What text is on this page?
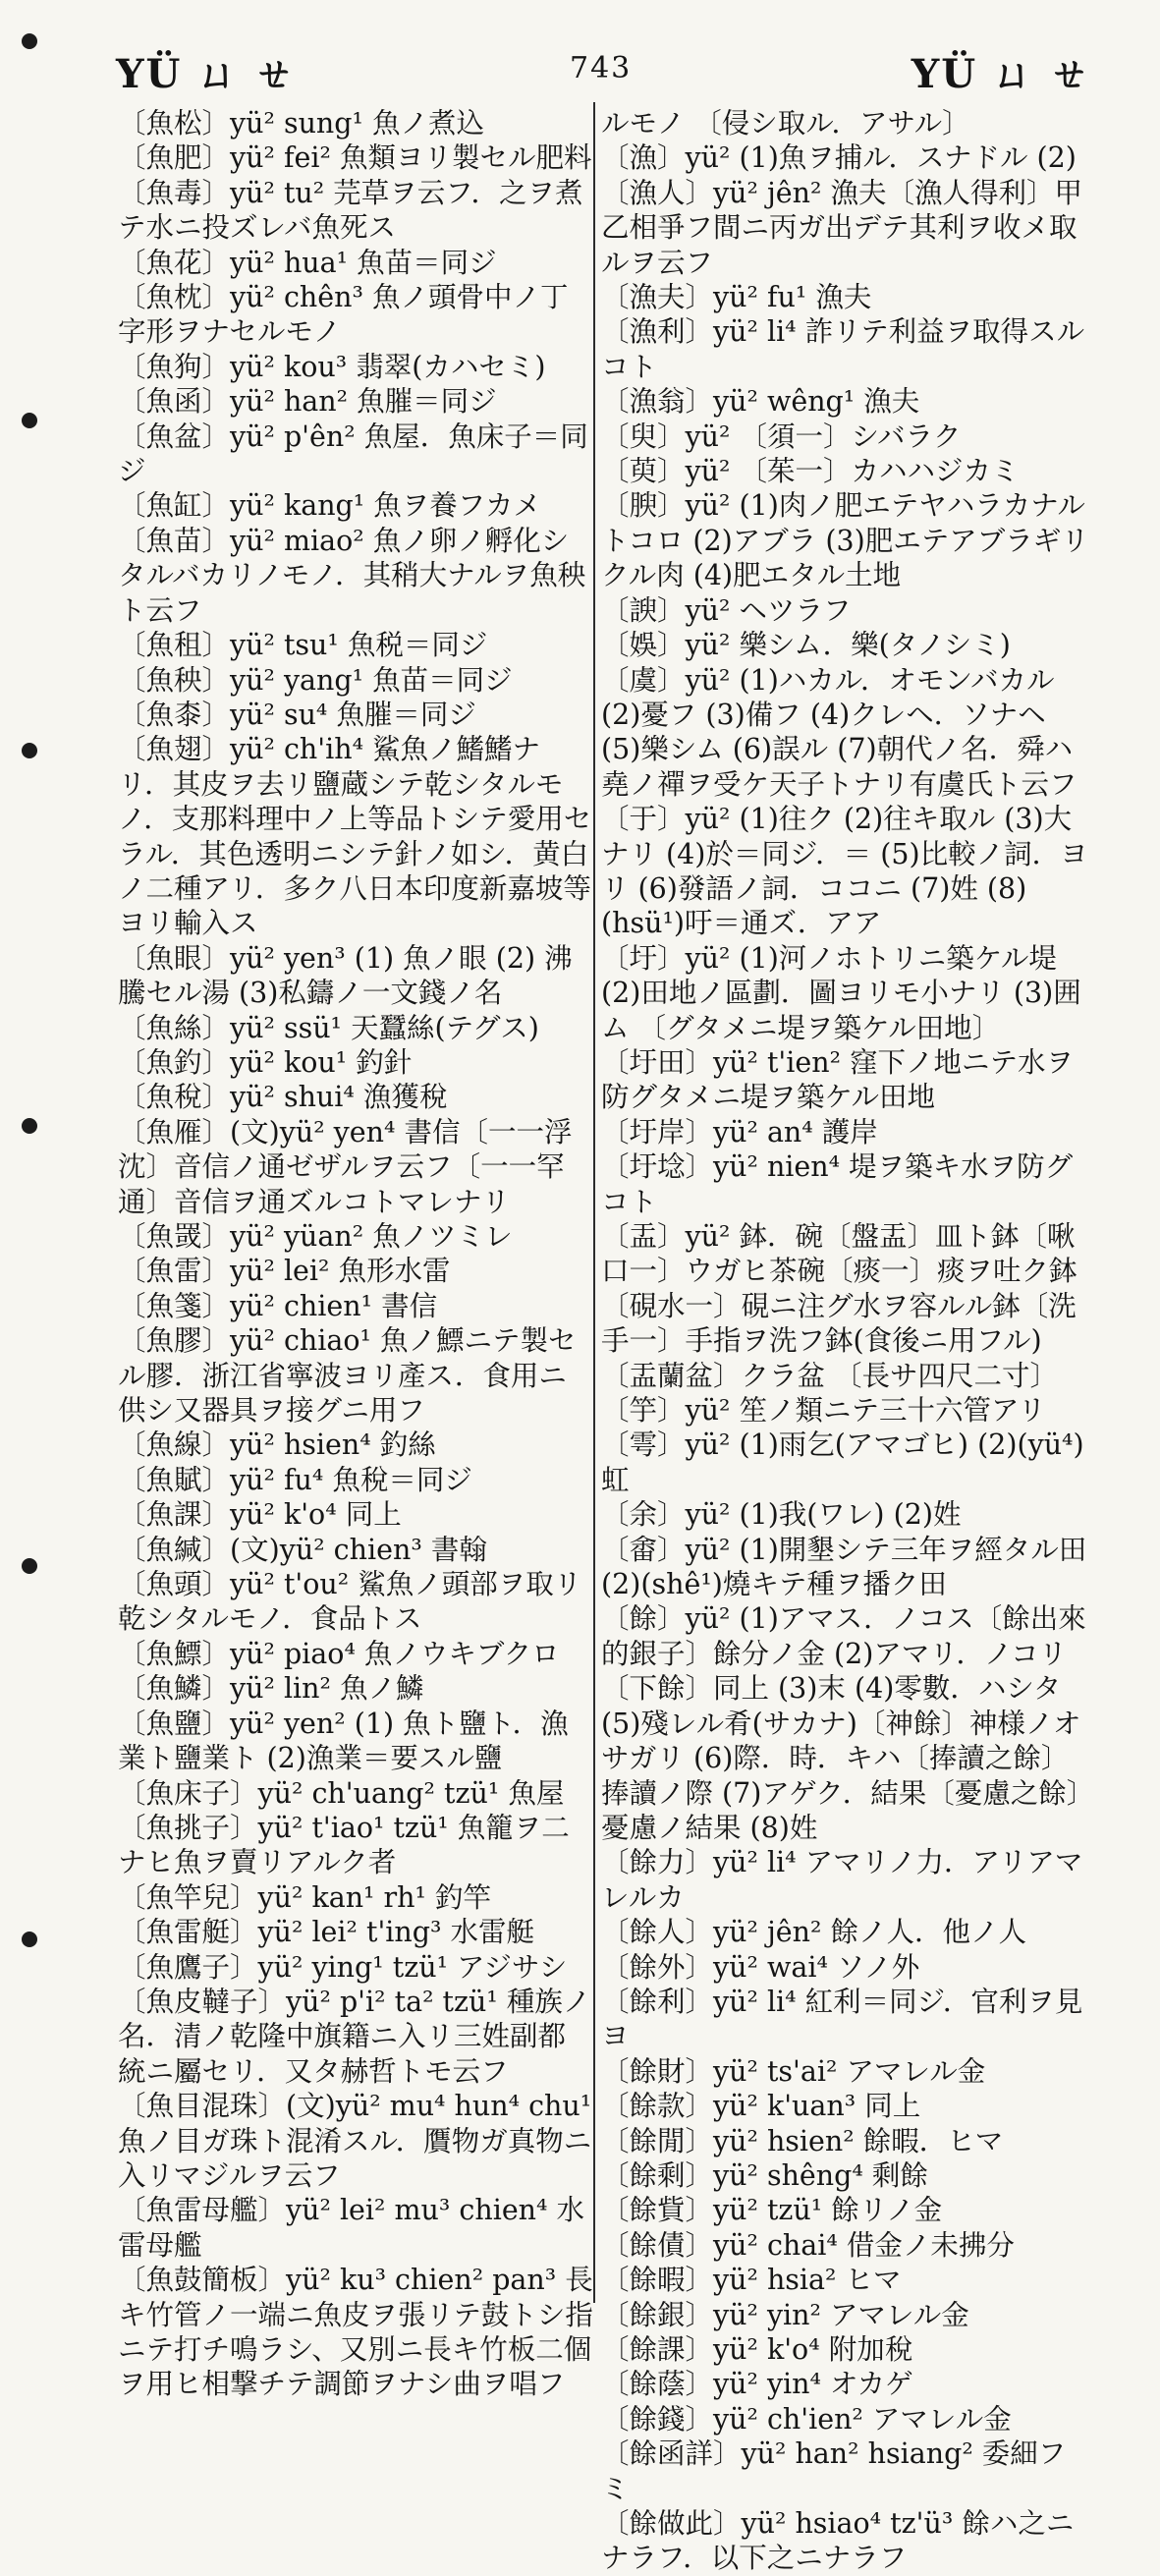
YÜ ㄩ ㄝ	743	YÜ ㄩ ㄝ
〔魚松〕yü² sung¹ 魚ノ煮込
〔魚肥〕yü² fei² 魚類ヨリ製セル肥料
〔魚毒〕yü² tu² 芫草ヲ云フ．之ヲ煮テ水ニ投ズレバ魚死ス
〔魚花〕yü² hua¹ 魚苗＝同ジ
〔魚枕〕yü² chên³ 魚ノ頭骨中ノ丁字形ヲナセルモノ
〔魚狗〕yü² kou³ 翡翠(カハセミ)
〔魚函〕yü² han² 魚膗＝同ジ
〔魚盆〕yü² p'ên² 魚屋．魚床子＝同ジ
〔魚缸〕yü² kang¹ 魚ヲ養フカメ
〔魚苗〕yü² miao² 魚ノ卵ノ孵化シタルバカリノモノ．其稍大ナルヲ魚秧ト云フ
〔魚租〕yü² tsu¹ 魚税＝同ジ
〔魚秧〕yü² yang¹ 魚苗＝同ジ
〔魚桼〕yü² su⁴ 魚膗＝同ジ
〔魚翅〕yü² ch'ih⁴ 鯊魚ノ鰭鰭ナリ．其皮ヲ去リ鹽蔵シテ乾シタルモノ．支那料理中ノ上等品トシテ愛用セラル．其色透明ニシテ針ノ如シ．黄白ノ二種アリ．多ク八日本印度新嘉坡等ヨリ輸入ス
〔魚眼〕yü² yen³ (1) 魚ノ眼 (2) 沸騰セル湯 (3)私鑄ノ一文錢ノ名
〔魚絲〕yü² ssü¹ 天蠶絲(テグス)
〔魚釣〕yü² kou¹ 釣針
〔魚稅〕yü² shui⁴ 漁獲稅
〔魚雁〕(文)yü² yen⁴ 書信〔一一浮沈〕音信ノ通ゼザルヲ云フ〔一一罕通〕音信ヲ通ズルコトマレナリ
〔魚罭〕yü² yüan² 魚ノツミレ
〔魚雷〕yü² lei² 魚形水雷
〔魚箋〕yü² chien¹ 書信
〔魚膠〕yü² chiao¹ 魚ノ鰾ニテ製セル膠．浙江省寧波ヨリ產ス．食用ニ供シ又器具ヲ接グニ用フ
〔魚線〕yü² hsien⁴ 釣絲
〔魚賦〕yü² fu⁴ 魚稅＝同ジ
〔魚課〕yü² k'o⁴ 同上
〔魚緘〕(文)yü² chien³ 書翰
〔魚頭〕yü² t'ou² 鯊魚ノ頭部ヲ取リ乾シタルモノ．食品トス
〔魚鰾〕yü² piao⁴ 魚ノウキブクロ
〔魚鱗〕yü² lin² 魚ノ鱗
〔魚鹽〕yü² yen² (1) 魚ト鹽ト．漁業ト鹽業ト (2)漁業＝要スル鹽
〔魚床子〕yü² ch'uang² tzü¹ 魚屋
〔魚挑子〕yü² t'iao¹ tzü¹ 魚籠ヲ二ナヒ魚ヲ賣リアルク者
〔魚竿兒〕yü² kan¹ rh¹ 釣竿
〔魚雷艇〕yü² lei² t'ing³ 水雷艇
〔魚鷹子〕yü² ying¹ tzü¹ アジサシ
〔魚皮韃子〕yü² p'i² ta² tzü¹ 種族ノ名．清ノ乾隆中旗籍ニ入リ三姓副都統ニ屬セリ．又タ赫哲トモ云フ
〔魚目混珠〕(文)yü² mu⁴ hun⁴ chu¹ 魚ノ目ガ珠ト混淆スル．贋物ガ真物ニ入リマジルヲ云フ
〔魚雷母艦〕yü² lei² mu³ chien⁴ 水雷母艦
〔魚鼓簡板〕yü² ku³ chien² pan³ 長キ竹管ノ一端ニ魚皮ヲ張リテ鼓トシ指ニテ打チ鳴ラシ、又別ニ長キ竹板二個ヲ用ヒ相撃チテ調節ヲナシ曲ヲ唱フ
ルモノ 〔侵シ取ル．アサル〕
〔漁〕yü² (1)魚ヲ捕ル．スナドル (2)
〔漁人〕yü² jên² 漁夫〔漁人得利〕甲乙相爭フ間ニ丙ガ出デテ其利ヲ收メ取ルヲ云フ
〔漁夫〕yü² fu¹ 漁夫
〔漁利〕yü² li⁴ 詐リテ利益ヲ取得スルコト
〔漁翁〕yü² wêng¹ 漁夫
〔臾〕yü² 〔須一〕シバラク
〔萸〕yü² 〔茱一〕カハハジカミ
〔腴〕yü² (1)肉ノ肥エテヤハラカナルトコロ (2)アブラ (3)肥エテアブラギリクル肉 (4)肥エタル土地
〔諛〕yü² ヘツラフ
〔娛〕yü² 樂シム．樂(タノシミ)
〔虞〕yü² (1)ハカル．オモンバカル (2)憂フ (3)備フ (4)クレヘ．ソナヘ (5)樂シム (6)誤ル (7)朝代ノ名．舜ハ堯ノ禪ヲ受ケ天子トナリ有虞氏ト云フ
〔于〕yü² (1)往ク (2)往キ取ル (3)大ナリ (4)於＝同ジ．＝ (5)比較ノ詞．ヨリ (6)發語ノ詞．ココニ (7)姓 (8)(hsü¹)吁＝通ズ．アア
〔圩〕yü² (1)河ノホトリニ築ケル堤 (2)田地ノ區劃．圖ヨリモ小ナリ (3)囲ム 〔グタメニ堤ヲ築ケル田地〕
〔圩田〕yü² t'ien² 窪下ノ地ニテ水ヲ防グタメニ堤ヲ築ケル田地
〔圩岸〕yü² an⁴ 護岸
〔圩埝〕yü² nien⁴ 堤ヲ築キ水ヲ防グコト
〔盂〕yü² 鉢．碗〔盤盂〕皿ト鉢〔啾口一〕ウガヒ茶碗〔痰一〕痰ヲ吐ク鉢〔硯水一〕硯ニ注グ水ヲ容ルル鉢〔洗手一〕手指ヲ洗フ鉢(食後ニ用フル)〔盂蘭盆〕クラ盆 〔長サ四尺二寸〕
〔竽〕yü² 笙ノ類ニテ三十六管アリ
〔雩〕yü² (1)雨乞(アマゴヒ) (2)(yü⁴)虹
〔余〕yü² (1)我(ワレ) (2)姓
〔畬〕yü² (1)開墾シテ三年ヲ經タル田 (2)(shê¹)燒キテ種ヲ播ク田
〔餘〕yü² (1)アマス．ノコス〔餘出來的銀子〕餘分ノ金 (2)アマリ．ノコリ〔下餘〕同上 (3)末 (4)零數．ハシタ (5)殘レル肴(サカナ)〔神餘〕神様ノオサガリ (6)際．時．キハ〔捧讀之餘〕捧讀ノ際 (7)アゲク．結果〔憂慮之餘〕憂慮ノ結果 (8)姓
〔餘力〕yü² li⁴ アマリノ力．アリアマレルカ
〔餘人〕yü² jên² 餘ノ人．他ノ人
〔餘外〕yü² wai⁴ ソノ外
〔餘利〕yü² li⁴ 紅利＝同ジ．官利ヲ見ヨ
〔餘財〕yü² ts'ai² アマレル金
〔餘款〕yü² k'uan³ 同上
〔餘閒〕yü² hsien² 餘暇．ヒマ
〔餘剩〕yü² shêng⁴ 剩餘
〔餘貲〕yü² tzü¹ 餘リノ金
〔餘債〕yü² chai⁴ 借金ノ未拂分
〔餘暇〕yü² hsia² ヒマ
〔餘銀〕yü² yin² アマレル金
〔餘課〕yü² k'o⁴ 附加稅
〔餘蔭〕yü² yin⁴ オカゲ
〔餘錢〕yü² ch'ien² アマレル金
〔餘函詳〕yü² han² hsiang² 委細フミ
〔餘做此〕yü² hsiao⁴ tz'ü³ 餘ハ之ニナラフ．以下之ニナラフ
